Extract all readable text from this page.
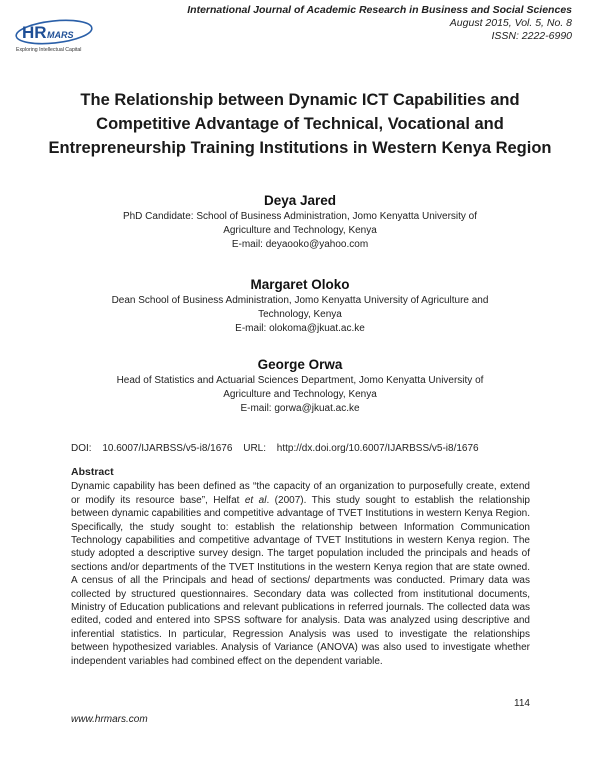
HR MARS
Exploring Intellectual Capital
International Journal of Academic Research in Business and Social Sciences
August 2015, Vol. 5, No. 8
ISSN: 2222-6990
The Relationship between Dynamic ICT Capabilities and Competitive Advantage of Technical, Vocational and Entrepreneurship Training Institutions in Western Kenya Region
Deya Jared
PhD Candidate: School of Business Administration, Jomo Kenyatta University of
Agriculture and Technology, Kenya
E-mail: deyaooko@yahoo.com
Margaret Oloko
Dean School of Business Administration, Jomo Kenyatta University of Agriculture and
Technology, Kenya
E-mail: olokoma@jkuat.ac.ke
George Orwa
Head of Statistics and Actuarial Sciences Department, Jomo Kenyatta University of
Agriculture and Technology, Kenya
E-mail: gorwa@jkuat.ac.ke
DOI: 10.6007/IJARBSS/v5-i8/1676 URL: http://dx.doi.org/10.6007/IJARBSS/v5-i8/1676
Abstract

Dynamic capability has been defined as “the capacity of an organization to purposefully create, extend or modify its resource base”, Helfat et al. (2007). This study sought to establish the relationship between dynamic capabilities and competitive advantage of TVET Institutions in western Kenya Region. Specifically, the study sought to: establish the relationship between Information Communication Technology capabilities and competitive advantage of TVET Institutions in western Kenya region. The study adopted a descriptive survey design. The target population included the principals and heads of sections and/or departments of the TVET Institutions in the western Kenya region that are state owned. A census of all the Principals and head of sections/ departments was conducted. Primary data was collected by structured questionnaires. Secondary data was collected from institutional documents, Ministry of Education publications and relevant publications in referred journals. The collected data was edited, coded and entered into SPSS software for analysis. Data was analyzed using descriptive and inferential statistics. In particular, Regression Analysis was used to investigate the relationships between hypothesized variables. Analysis of Variance (ANOVA) was also used to investigate whether independent variables had combined effect on the dependent variable.

114
www.hrmars.com
